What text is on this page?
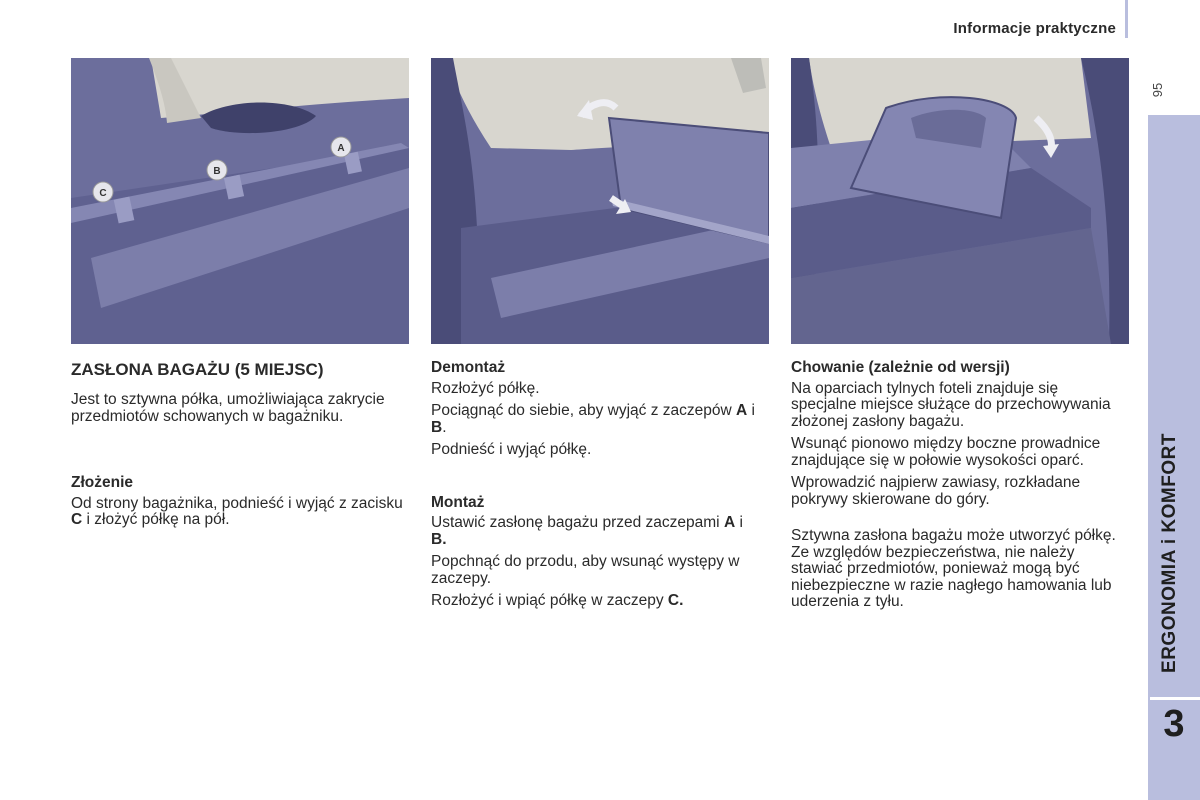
Informacje praktyczne
95
ERGONOMIA i KOMFORT
3
A
B
C

ZASŁONA BAGAŻU (5 MIEJSC)

Jest to sztywna półka, umożliwiająca zakrycie przedmiotów schowanych w bagażniku.

Złożenie

Od strony bagażnika, podnieść i wyjąć z zacisku C i złożyć półkę na pół.

Demontaż

Rozłożyć półkę.

Pociągnąć do siebie, aby wyjąć z zaczepów A i B.

Podnieść i wyjąć półkę.

Montaż

Ustawić zasłonę bagażu przed zaczepami A i B.

Popchnąć do przodu, aby wsunąć występy w zaczepy.

Rozłożyć i wpiąć półkę w zaczepy C.

Chowanie (zależnie od wersji)

Na oparciach tylnych foteli znajduje się specjalne miejsce służące do przechowywania złożonej zasłony bagażu.

Wsunąć pionowo między boczne prowadnice znajdujące się w połowie wysokości oparć.

Wprowadzić najpierw zawiasy, rozkładane pokrywy skierowane do góry.

Sztywna zasłona bagażu może utworzyć półkę. Ze względów bezpieczeństwa, nie należy stawiać przedmiotów, ponieważ mogą być niebezpieczne w razie nagłego hamowania lub uderzenia z tyłu.
